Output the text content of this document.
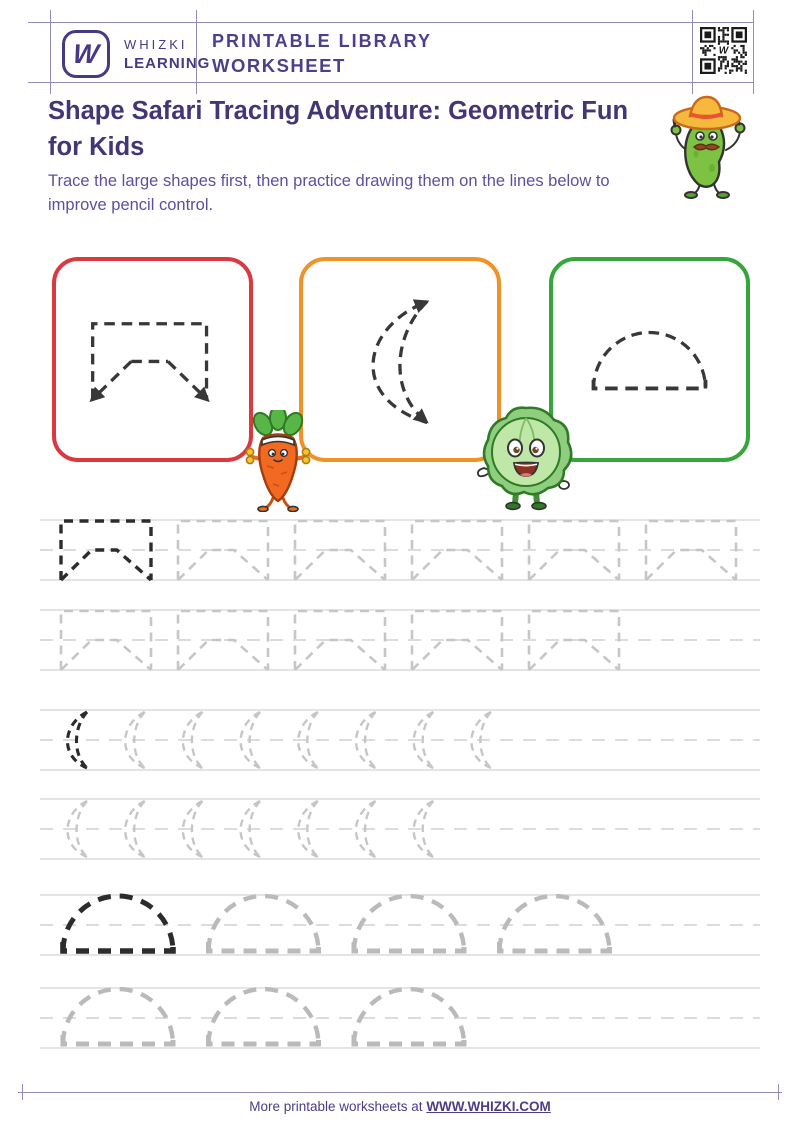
W WHIZKI
LEARNING
PRINTABLE LIBRARY
WORKSHEET
W
Shape Safari Tracing Adventure: Geometric Fun for Kids
Trace the large shapes first, then practice drawing them on the lines below to improve pencil control.
More printable worksheets at WWW.WHIZKI.COM
